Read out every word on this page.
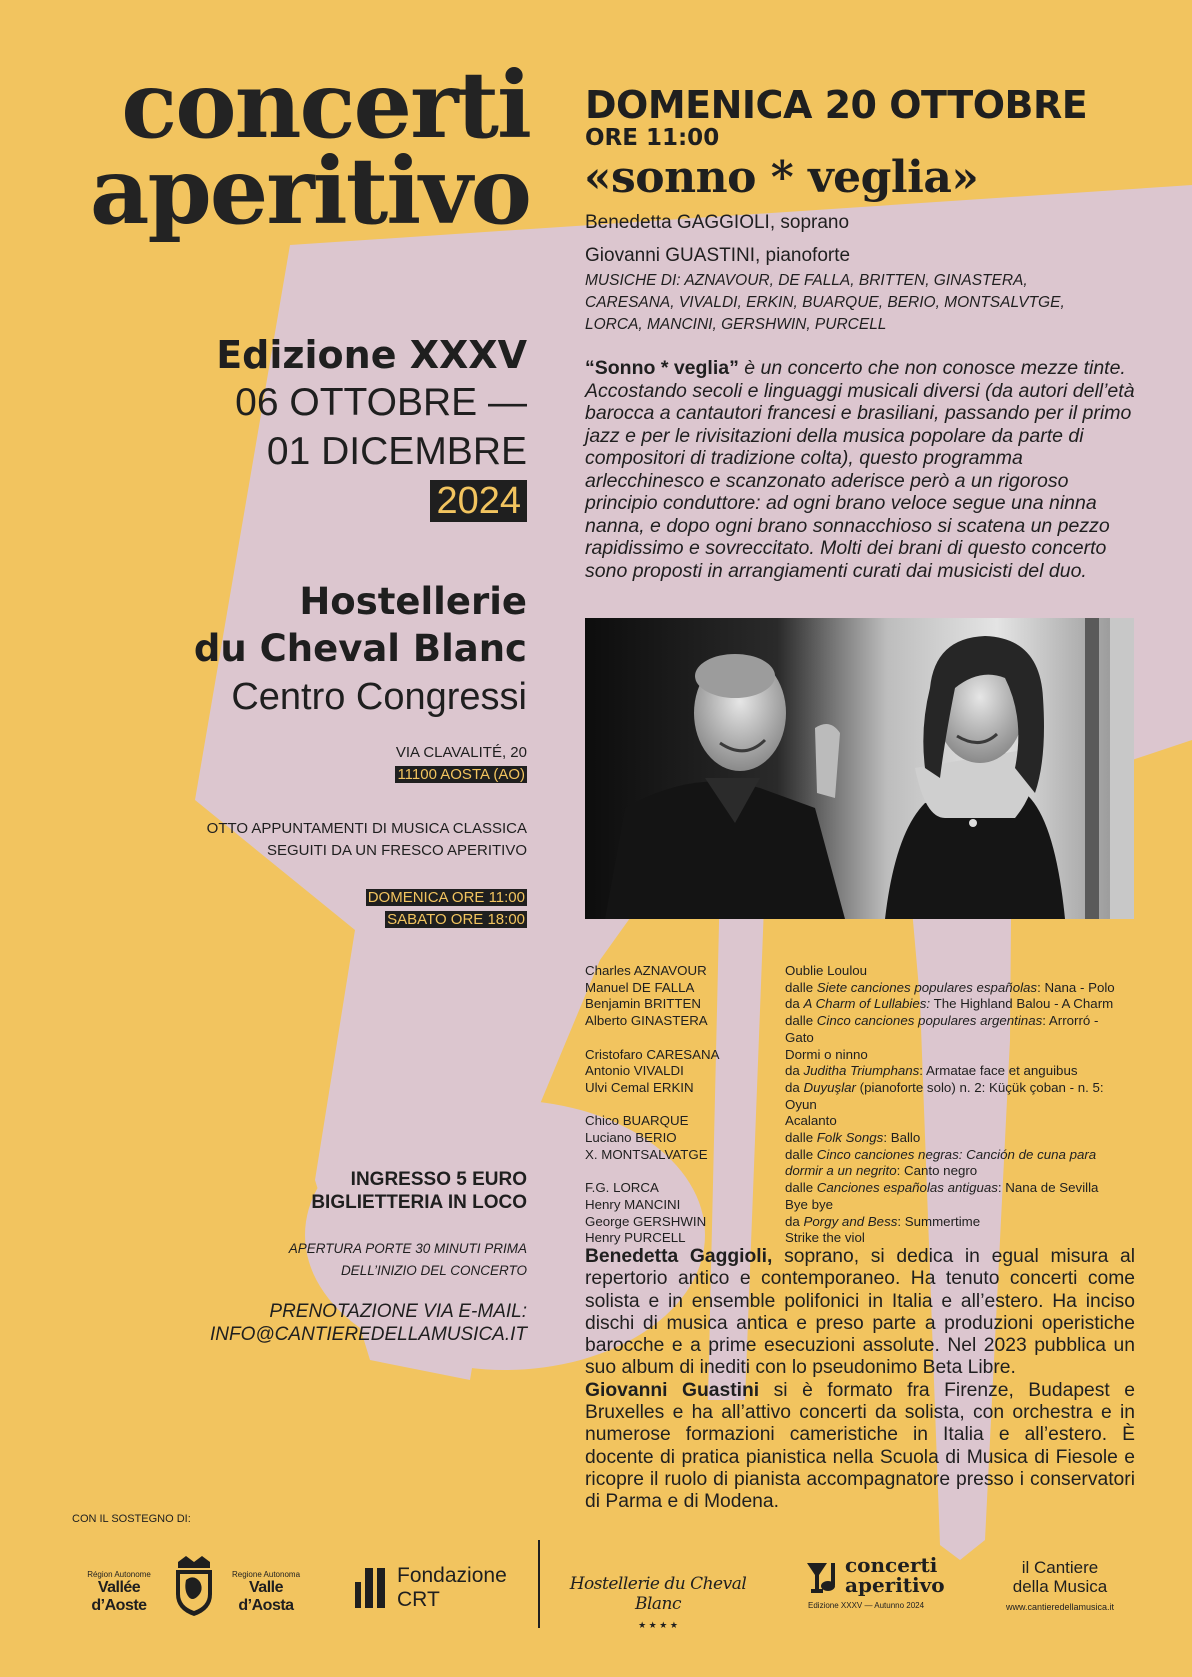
concerti
aperitivo
Edizione XXXV
06 OTTOBRE —
01 DICEMBRE
2024
Hostellerie
du Cheval Blanc
Centro Congressi
VIA CLAVALITÉ, 20
11100 AOSTA (AO)
OTTO APPUNTAMENTI DI MUSICA CLASSICA
SEGUITI DA UN FRESCO APERITIVO
DOMENICA ORE 11:00
SABATO ORE 18:00
INGRESSO 5 EURO
BIGLIETTERIA IN LOCO
APERTURA PORTE 30 MINUTI PRIMA
DELL’INIZIO DEL CONCERTO
PRENOTAZIONE VIA E-MAIL:
INFO@CANTIEREDELLAMUSICA.IT
DOMENICA 20 OTTOBRE
ORE 11:00
«sonno * veglia»
Benedetta GAGGIOLI, soprano
Giovanni GUASTINI, pianoforte
MUSICHE DI: AZNAVOUR, DE FALLA, BRITTEN, GINASTERA,
CARESANA, VIVALDI, ERKIN, BUARQUE, BERIO, MONTSALVTGE,
LORCA, MANCINI, GERSHWIN, PURCELL
“Sonno * veglia” è un concerto che non conosce mezze tinte. Accostando secoli e linguaggi musicali diversi (da autori dell’età barocca a cantautori francesi e brasiliani, passando per il primo jazz e per le rivisitazioni della musica popolare da parte di compositori di tradizione colta), questo programma arlecchinesco e scanzonato aderisce però a un rigoroso principio conduttore: ad ogni brano veloce segue una ninna nanna, e dopo ogni brano sonnacchioso si scatena un pezzo rapidissimo e sovreccitato. Molti dei brani di questo concerto sono proposti in arrangiamenti curati dai musicisti del duo.
Charles AZNAVOUR	Oublie Loulou
Manuel DE FALLA	dalle Siete canciones populares españolas: Nana - Polo
Benjamin BRITTEN	da A Charm of Lullabies: The Highland Balou - A Charm
Alberto GINASTERA	dalle Cinco canciones populares argentinas: Arrorró - Gato
Cristofaro CARESANA	Dormi o ninno
Antonio VIVALDI	da Juditha Triumphans: Armatae face et anguibus
Ulvi Cemal ERKIN	da Duyuşlar (pianoforte solo) n. 2: Küçük çoban - n. 5: Oyun
Chico BUARQUE	Acalanto
Luciano BERIO	dalle Folk Songs: Ballo
X. MONTSALVATGE	dalle Cinco canciones negras: Canción de cuna para dormir a un negrito: Canto negro
F.G. LORCA	dalle Canciones españolas antiguas: Nana de Sevilla
Henry MANCINI	Bye bye
George GERSHWIN	da Porgy and Bess: Summertime
Henry PURCELL	Strike the viol
Benedetta Gaggioli, soprano, si dedica in egual misura al repertorio antico e contemporaneo. Ha tenuto concerti come solista e in ensemble polifonici in Italia e all’estero. Ha inciso dischi di musica antica e preso parte a produzioni operistiche barocche e a prime esecuzioni assolute. Nel 2023 pubblica un suo album di inediti con lo pseudonimo Beta Libre.
Giovanni Guastini si è formato fra Firenze, Budapest e Bruxelles e ha all’attivo concerti da solista, con orchestra e in numerose formazioni cameristiche in Italia e all’estero. È docente di pratica pianistica nella Scuola di Musica di Fiesole e ricopre il ruolo di pianista accompagnatore presso i conservatori di Parma e di Modena.
CON IL SOSTEGNO DI:
Région Autonome
Vallée d’Aoste
Regione Autonoma
Valle d’Aosta
Fondazione
CRT
Hostellerie du Cheval Blanc
★ ★ ★ ★
concerti
aperitivo
Edizione XXXV — Autunno 2024
il Cantiere
della Musica
www.cantieredellamusica.it
